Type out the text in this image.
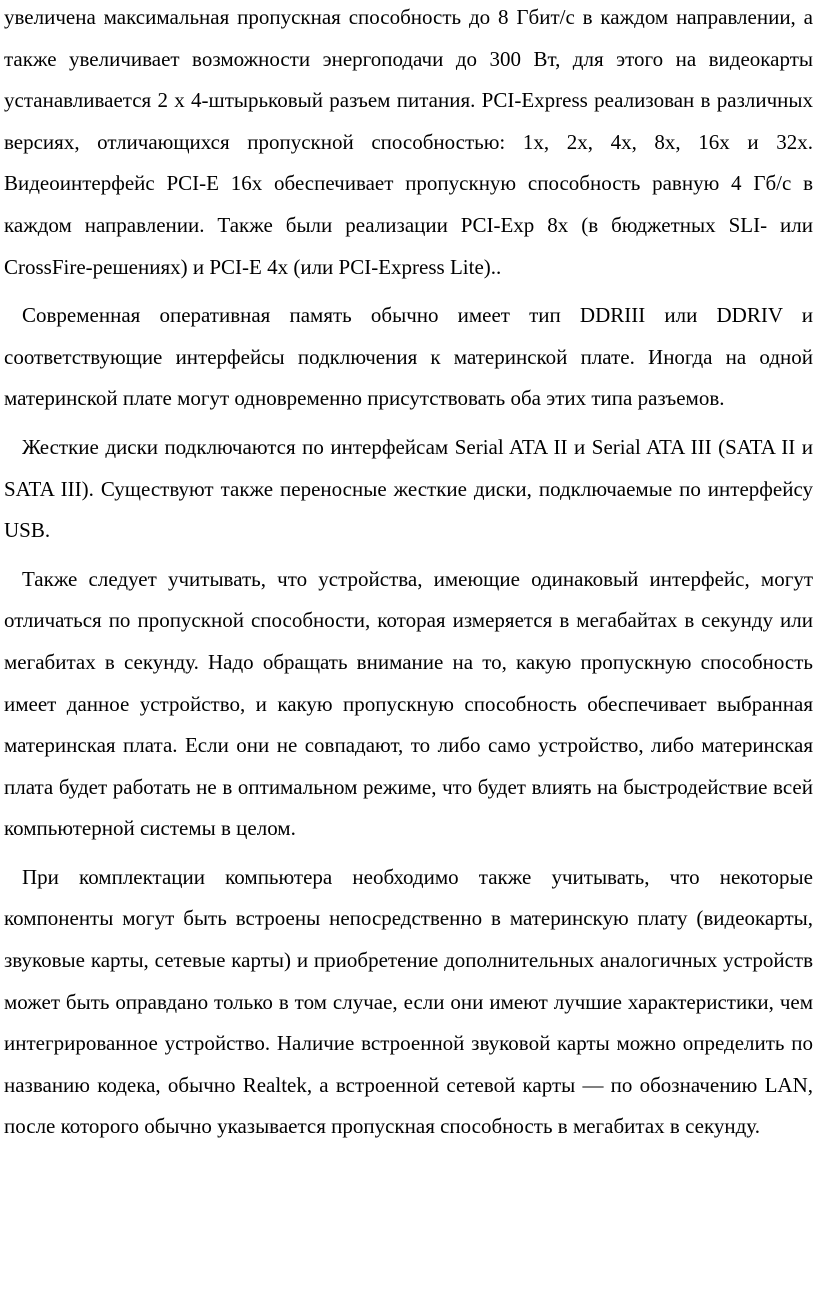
увеличена максимальная пропускная способность до 8 Гбит/с в каждом направлении, а также увеличивает возможности энергоподачи до 300 Вт, для этого на видеокарты устанавливается 2 х 4-штырьковый разъем питания. PCI-Express реализован в различных версиях, отличающихся пропускной способностью: 1x, 2x, 4x, 8x, 16x и 32x. Видеоинтерфейс PCI-E 16x обеспечивает пропускную способность равную 4 Гб/с в каждом направлении. Также были реализации PCI-Exp 8x (в бюджетных SLI- или CrossFire-решениях) и PCI-E 4x (или PCI-Express Lite)..

Современная оперативная память обычно имеет тип DDRIII или DDRIV и соответствующие интерфейсы подключения к материнской плате. Иногда на одной материнской плате могут одновременно присутствовать оба этих типа разъемов.

Жесткие диски подключаются по интерфейсам Serial ATA II и Serial ATA III (SATA II и SATA III). Существуют также переносные жесткие диски, подключаемые по интерфейсу USB.

Также следует учитывать, что устройства, имеющие одинаковый интерфейс, могут отличаться по пропускной способности, которая измеряется в мегабайтах в секунду или мегабитах в секунду. Надо обращать внимание на то, какую пропускную способность имеет данное устройство, и какую пропускную способность обеспечивает выбранная материнская плата. Если они не совпадают, то либо само устройство, либо материнская плата будет работать не в оптимальном режиме, что будет влиять на быстродействие всей компьютерной системы в целом.

При комплектации компьютера необходимо также учитывать, что некоторые компоненты могут быть встроены непосредственно в материнскую плату (видеокарты, звуковые карты, сетевые карты) и приобретение дополнительных аналогичных устройств может быть оправдано только в том случае, если они имеют лучшие характеристики, чем интегрированное устройство. Наличие встроенной звуковой карты можно определить по названию кодека, обычно Realtek, а встроенной сетевой карты — по обозначению LAN, после которого обычно указывается пропускная способность в мегабитах в секунду.
